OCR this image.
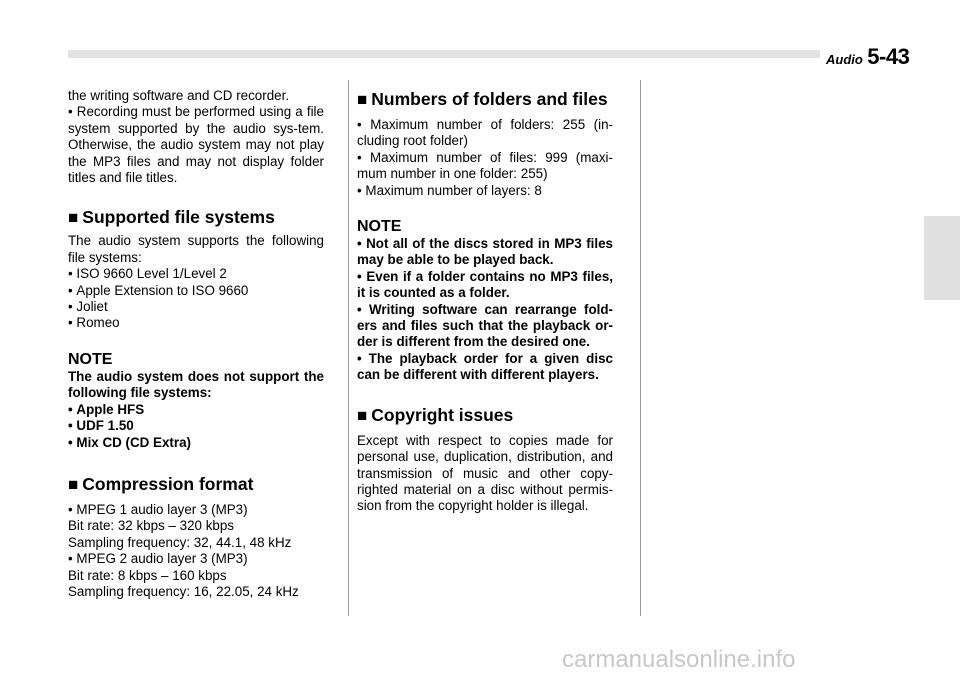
Audio 5-43

the writing software and CD recorder.

• Recording must be performed using a file system supported by the audio sys-tem. Otherwise, the audio system may not play the MP3 files and may not display folder titles and file titles.

■ Supported file systems

The audio system supports the following file systems:

• ISO 9660 Level 1/Level 2

• Apple Extension to ISO 9660

• Joliet

• Romeo

NOTE

The audio system does not support the following file systems:

• Apple HFS

• UDF 1.50

• Mix CD (CD Extra)

■ Compression format

• MPEG 1 audio layer 3 (MP3)

Bit rate: 32 kbps – 320 kbps

Sampling frequency: 32, 44.1, 48 kHz

• MPEG 2 audio layer 3 (MP3)

Bit rate: 8 kbps – 160 kbps

Sampling frequency: 16, 22.05, 24 kHz

■ Numbers of folders and files

• Maximum number of folders: 255 (in-cluding root folder)

• Maximum number of files: 999 (maxi-mum number in one folder: 255)

• Maximum number of layers: 8

NOTE

• Not all of the discs stored in MP3 files may be able to be played back.

• Even if a folder contains no MP3 files, it is counted as a folder.

• Writing software can rearrange fold-ers and files such that the playback or-der is different from the desired one.

• The playback order for a given disc can be different with different players.

■ Copyright issues

Except with respect to copies made for personal use, duplication, distribution, and transmission of music and other copy-righted material on a disc without permis-sion from the copyright holder is illegal.

carmanualsonline.info
